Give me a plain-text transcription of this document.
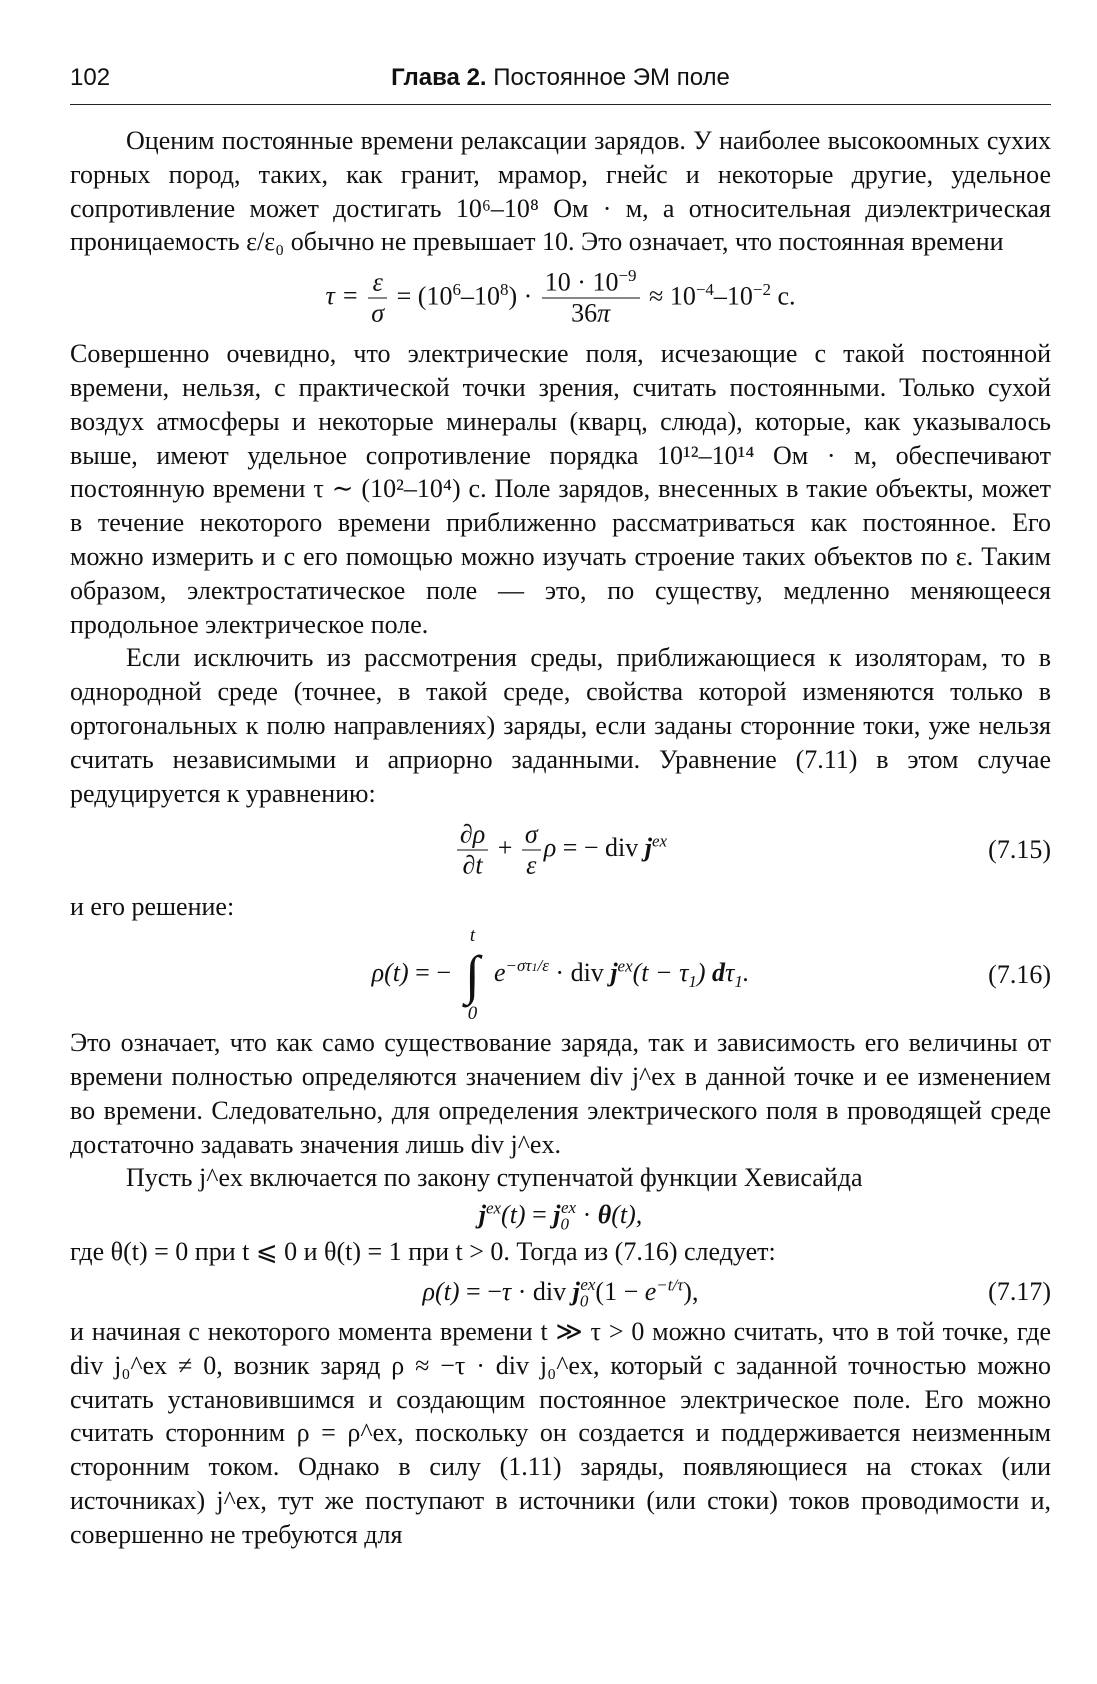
102	Глава 2. Постоянное ЭМ поле

Оценим постоянные времени релаксации зарядов. У наиболее высокоомных сухих горных пород, таких, как гранит, мрамор, гнейс и некоторые другие, удельное сопротивление может достигать 10⁶–10⁸ Ом · м, а относительная диэлектрическая проницаемость ε/ε₀ обычно не превышает 10. Это означает, что постоянная времени

$\tau = \frac{\varepsilon}{\sigma} = (10^6-10^8) \cdot \frac{10 \cdot 10^{-9}}{36\pi} \approx 10^{-4}-10^{-2}$ с.

Совершенно очевидно, что электрические поля, исчезающие с такой постоянной времени, нельзя, с практической точки зрения, считать постоянными. Только сухой воздух атмосферы и некоторые минералы (кварц, слюда), которые, как указывалось выше, имеют удельное сопротивление порядка 10¹²–10¹⁴ Ом · м, обеспечивают постоянную времени τ ∼ (10²–10⁴) с. Поле зарядов, внесенных в такие объекты, может в течение некоторого времени приближенно рассматриваться как постоянное. Его можно измерить и с его помощью можно изучать строение таких объектов по ε. Таким образом, электростатическое поле — это, по существу, медленно меняющееся продольное электрическое поле.

Если исключить из рассмотрения среды, приближающиеся к изоляторам, то в однородной среде (точнее, в такой среде, свойства которой изменяются только в ортогональных к полю направлениях) заряды, если заданы сторонние токи, уже нельзя считать независимыми и априорно заданными. Уравнение (7.11) в этом случае редуцируется к уравнению:

$\frac{\partial\rho}{\partial t} + \frac{\sigma}{\varepsilon}$ ρ = − div $j^{ex}$	(7.15)

и его решение:

ρ(t) = −
t
∫
0
$e^{-\sigma\tau 1/\varepsilon}$ · div $j^{ex}(t - \tau_1)$ $d\tau_1$.	(7.16)

Это означает, что как само существование заряда, так и зависимость его величины от времени полностью определяются значением div j^ex в данной точке и ее изменением во времени. Следовательно, для определения электрического поля в проводящей среде достаточно задавать значения лишь div j^ex.

Пусть j^ex включается по закону ступенчатой функции Хевисайда

$j^{ex}(t) = j_0^{ex} \cdot \theta(t)$,

где θ(t) = 0 при t ⩽ 0 и θ(t) = 1 при t > 0. Тогда из (7.16) следует:

ρ(t) = −τ · div $j_0^{ex}(1 - e^{-t/\tau})$,	(7.17)

и начиная с некоторого момента времени t ≫ τ > 0 можно считать, что в той точке, где div j₀^ex ≠ 0, возник заряд ρ ≈ −τ · div j₀^ex, который с заданной точностью можно считать установившимся и создающим постоянное электрическое поле. Его можно считать сторонним ρ = ρ^ex, поскольку он создается и поддерживается неизменным сторонним током. Однако в силу (1.11) заряды, появляющиеся на стоках (или источниках) j^ex, тут же поступают в источники (или стоки) токов проводимости и, совершенно не требуются для
